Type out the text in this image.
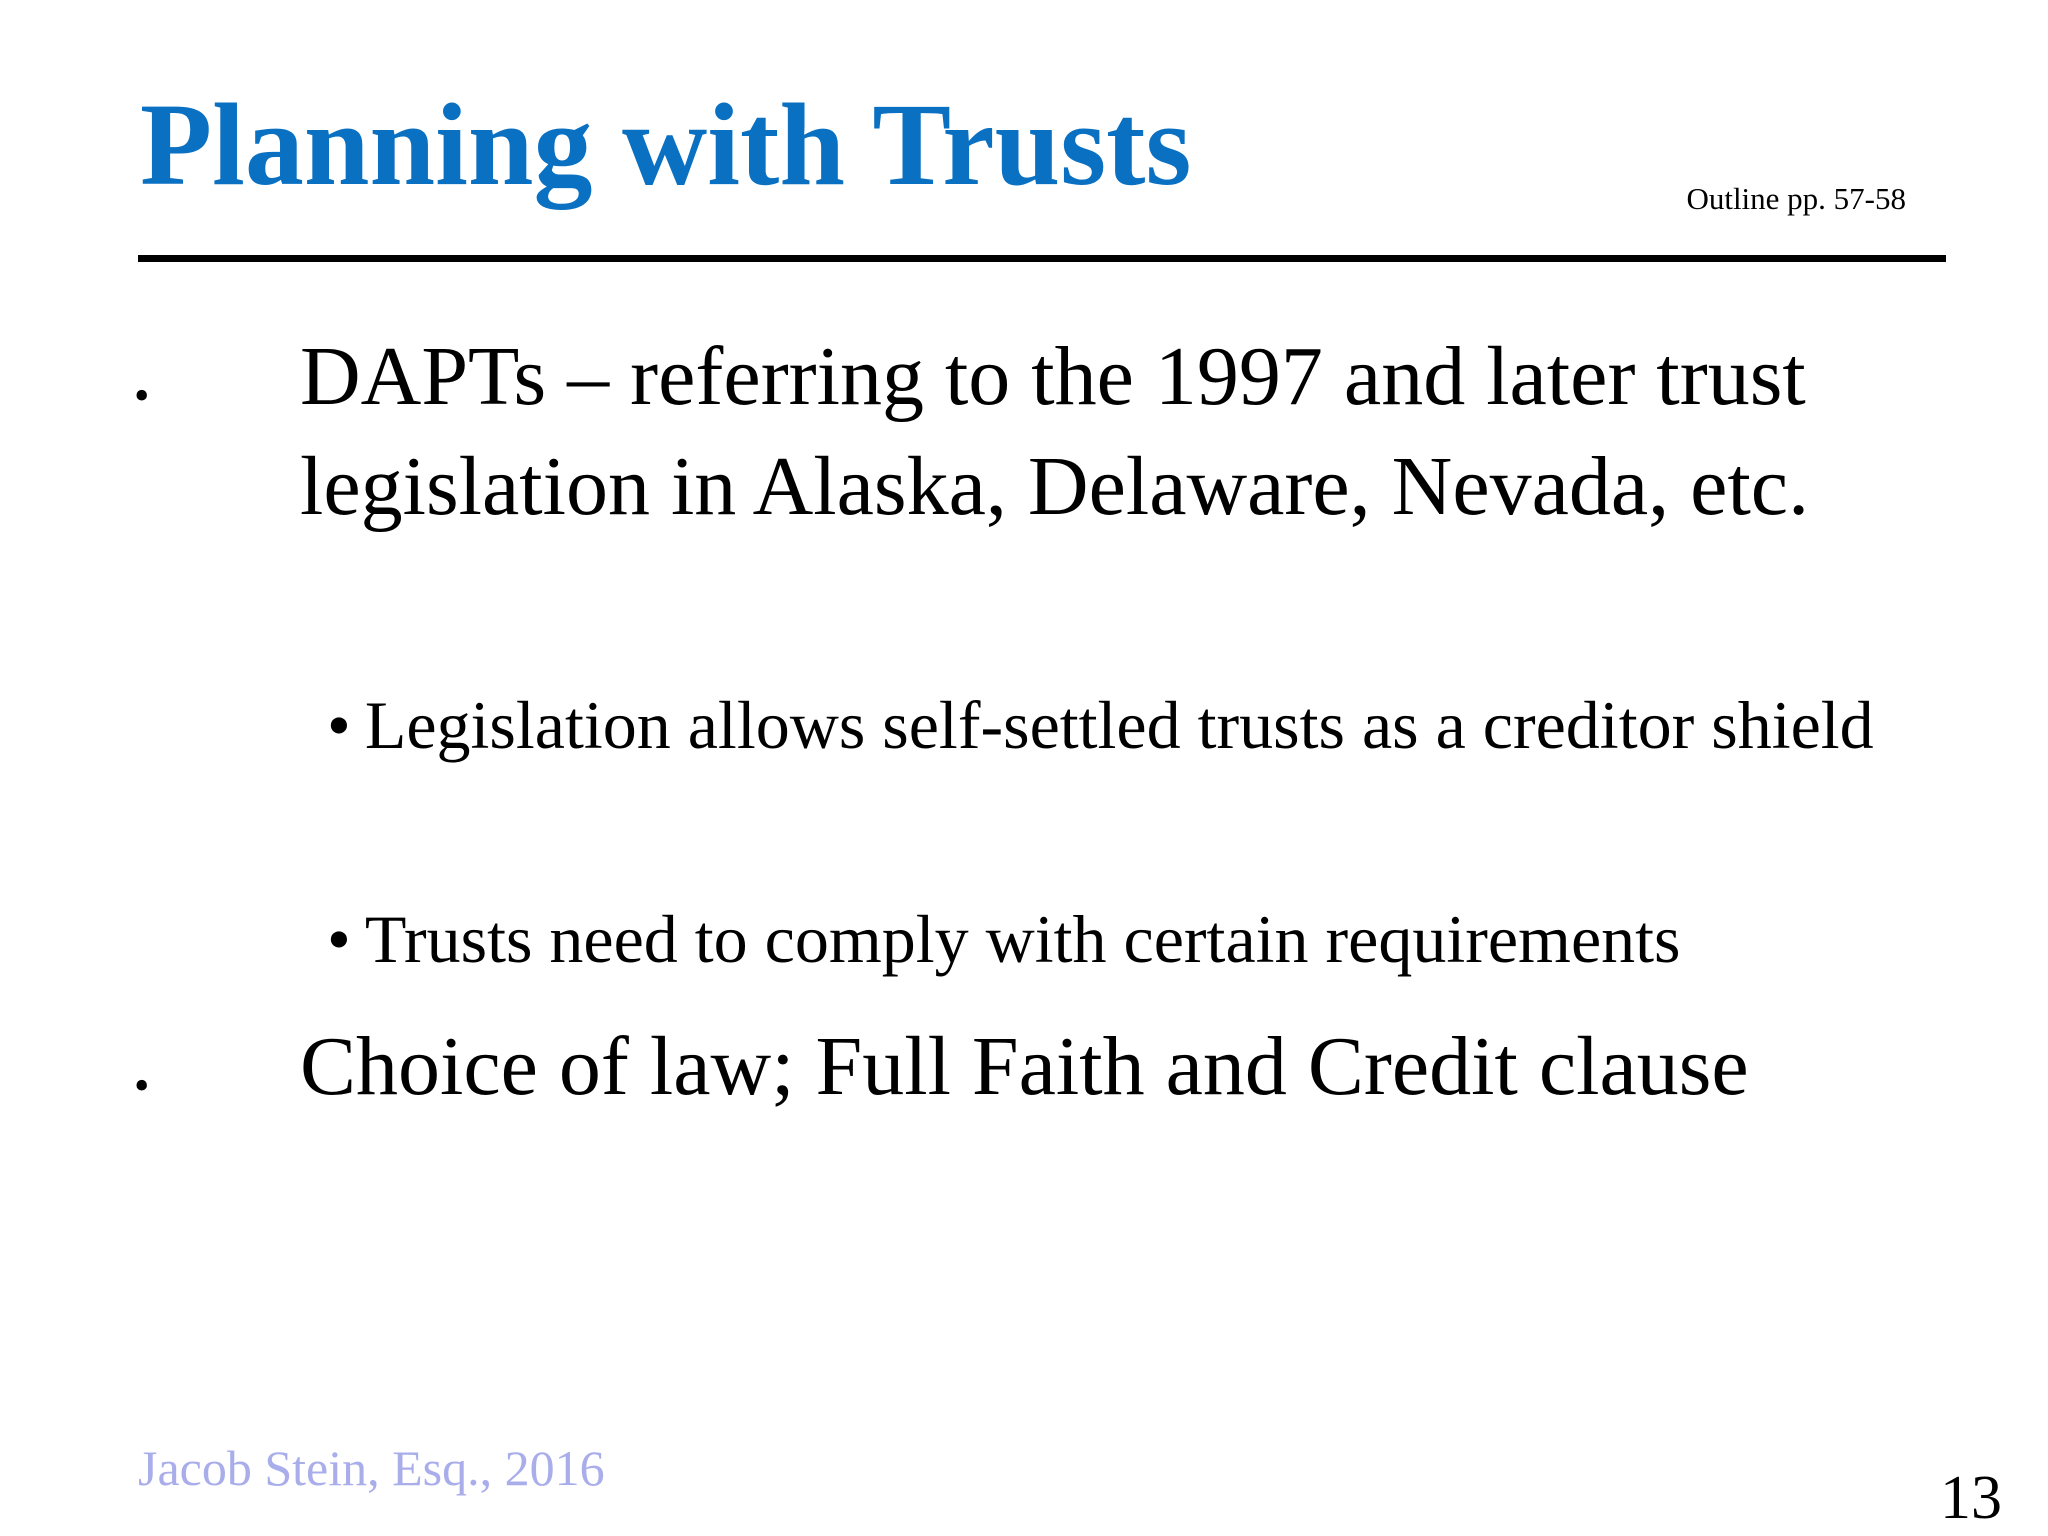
Planning with Trusts	Outline pp. 57-58
• DAPTs – referring to the 1997 and later trust legislation in Alaska, Delaware, Nevada, etc.

• Legislation allows self-settled trusts as a creditor shield

• Trusts need to comply with certain requirements

• Choice of law; Full Faith and Credit clause

Jacob Stein, Esq., 2016	13
